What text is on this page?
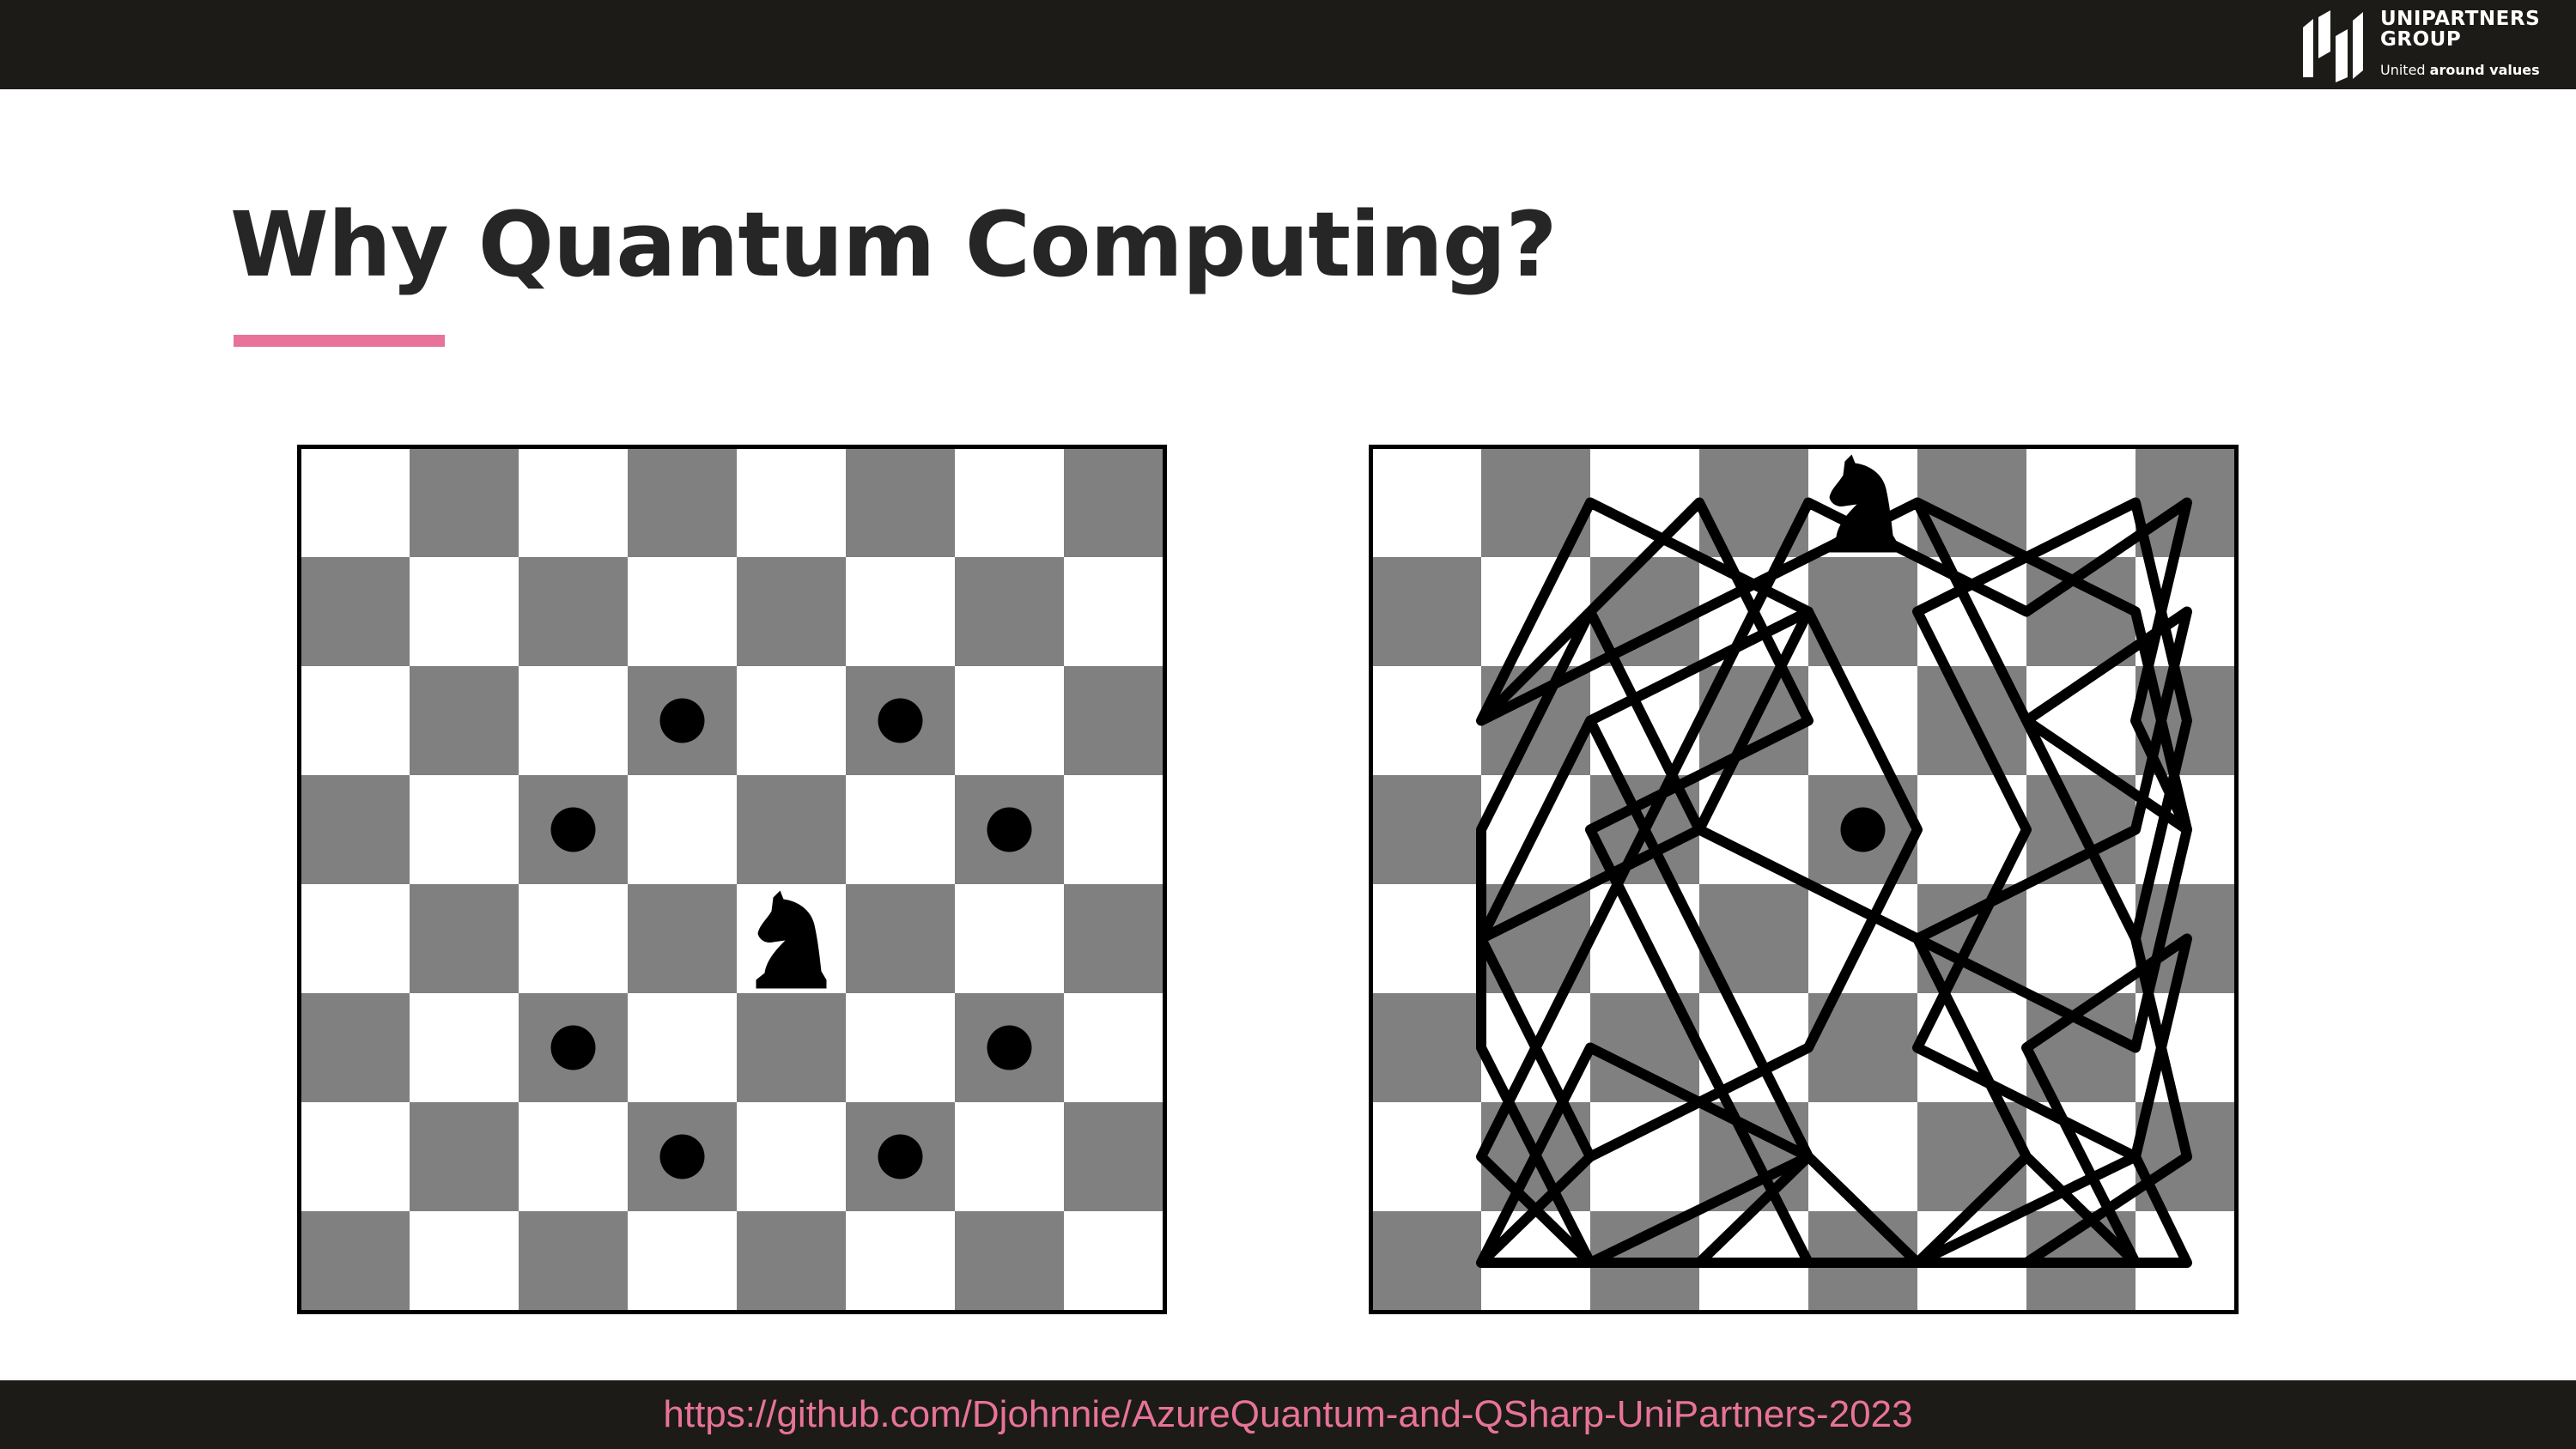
UNIPARTNERS
GROUP
United around values
Why Quantum Computing?
https://github.com/Djohnnie/AzureQuantum-and-QSharp-UniPartners-2023
